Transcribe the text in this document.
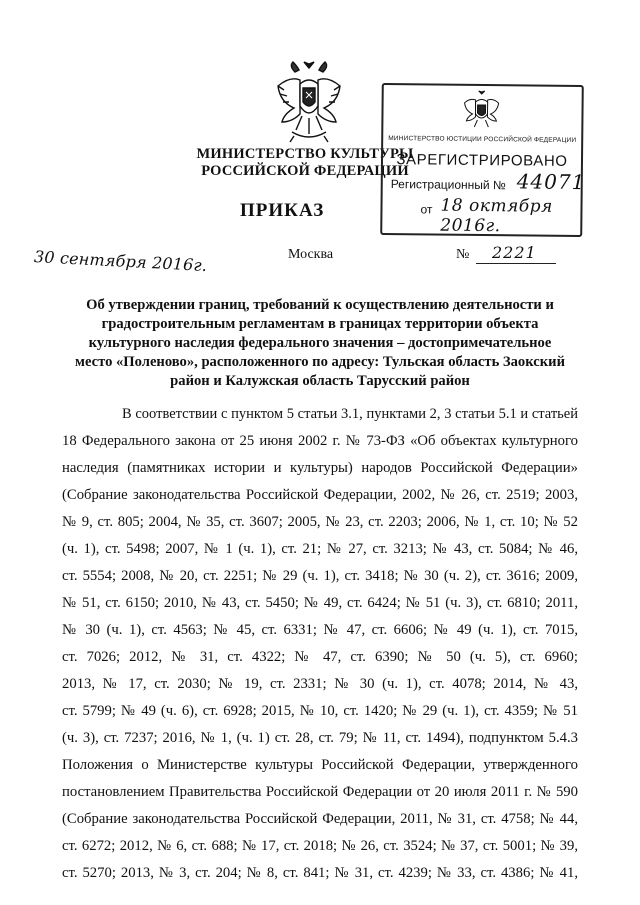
МИНИСТЕРСТВО КУЛЬТУРЫ
РОССИЙСКОЙ ФЕДЕРАЦИИ
МИНИСТЕРСТВО ЮСТИЦИИ РОССИЙСКОЙ ФЕДЕРАЦИИ
ЗАРЕГИСТРИРОВАНО
Регистрационный № 44071
от 18 октября 2016г.
ПРИКАЗ
30 сентября 2016г.	Москва	№ 2221
Об утверждении границ, требований к осуществлению деятельности и
градостроительным регламентам в границах территории объекта
культурного наследия федерального значения – достопримечательное
место «Поленово», расположенного по адресу: Тульская область Заокский
район и Калужская область Тарусский район
В соответствии с пунктом 5 статьи 3.1, пунктами 2, 3 статьи 5.1 и статьей
18 Федерального закона от 25 июня 2002 г. № 73-ФЗ «Об объектах культурного
наследия (памятниках истории и культуры) народов Российской Федерации»
(Собрание законодательства Российской Федерации, 2002, № 26, ст. 2519; 2003,
№ 9, ст. 805; 2004, № 35, ст. 3607; 2005, № 23, ст. 2203; 2006, № 1, ст. 10; № 52
(ч. 1), ст. 5498; 2007, № 1 (ч. 1), ст. 21; № 27, ст. 3213; № 43, ст. 5084; № 46,
ст. 5554; 2008, № 20, ст. 2251; № 29 (ч. 1), ст. 3418; № 30 (ч. 2), ст. 3616; 2009,
№ 51, ст. 6150; 2010, № 43, ст. 5450; № 49, ст. 6424; № 51 (ч. 3), ст. 6810; 2011,
№ 30 (ч. 1), ст. 4563; № 45, ст. 6331; № 47, ст. 6606; № 49 (ч. 1), ст. 7015,
ст. 7026; 2012, № 31, ст. 4322; № 47, ст. 6390; № 50 (ч. 5), ст. 6960;
2013, № 17, ст. 2030; № 19, ст. 2331; № 30 (ч. 1), ст. 4078; 2014, № 43,
ст. 5799; № 49 (ч. 6), ст. 6928; 2015, № 10, ст. 1420; № 29 (ч. 1), ст. 4359; № 51
(ч. 3), ст. 7237; 2016, № 1, (ч. 1) ст. 28, ст. 79; № 11, ст. 1494), подпунктом 5.4.3
Положения о Министерстве культуры Российской Федерации, утвержденного
постановлением Правительства Российской Федерации от 20 июля 2011 г. № 590
(Собрание законодательства Российской Федерации, 2011, № 31, ст. 4758; № 44,
ст. 6272; 2012, № 6, ст. 688; № 17, ст. 2018; № 26, ст. 3524; № 37, ст. 5001; № 39,
ст. 5270; 2013, № 3, ст. 204; № 8, ст. 841; № 31, ст. 4239; № 33, ст. 4386; № 41,
